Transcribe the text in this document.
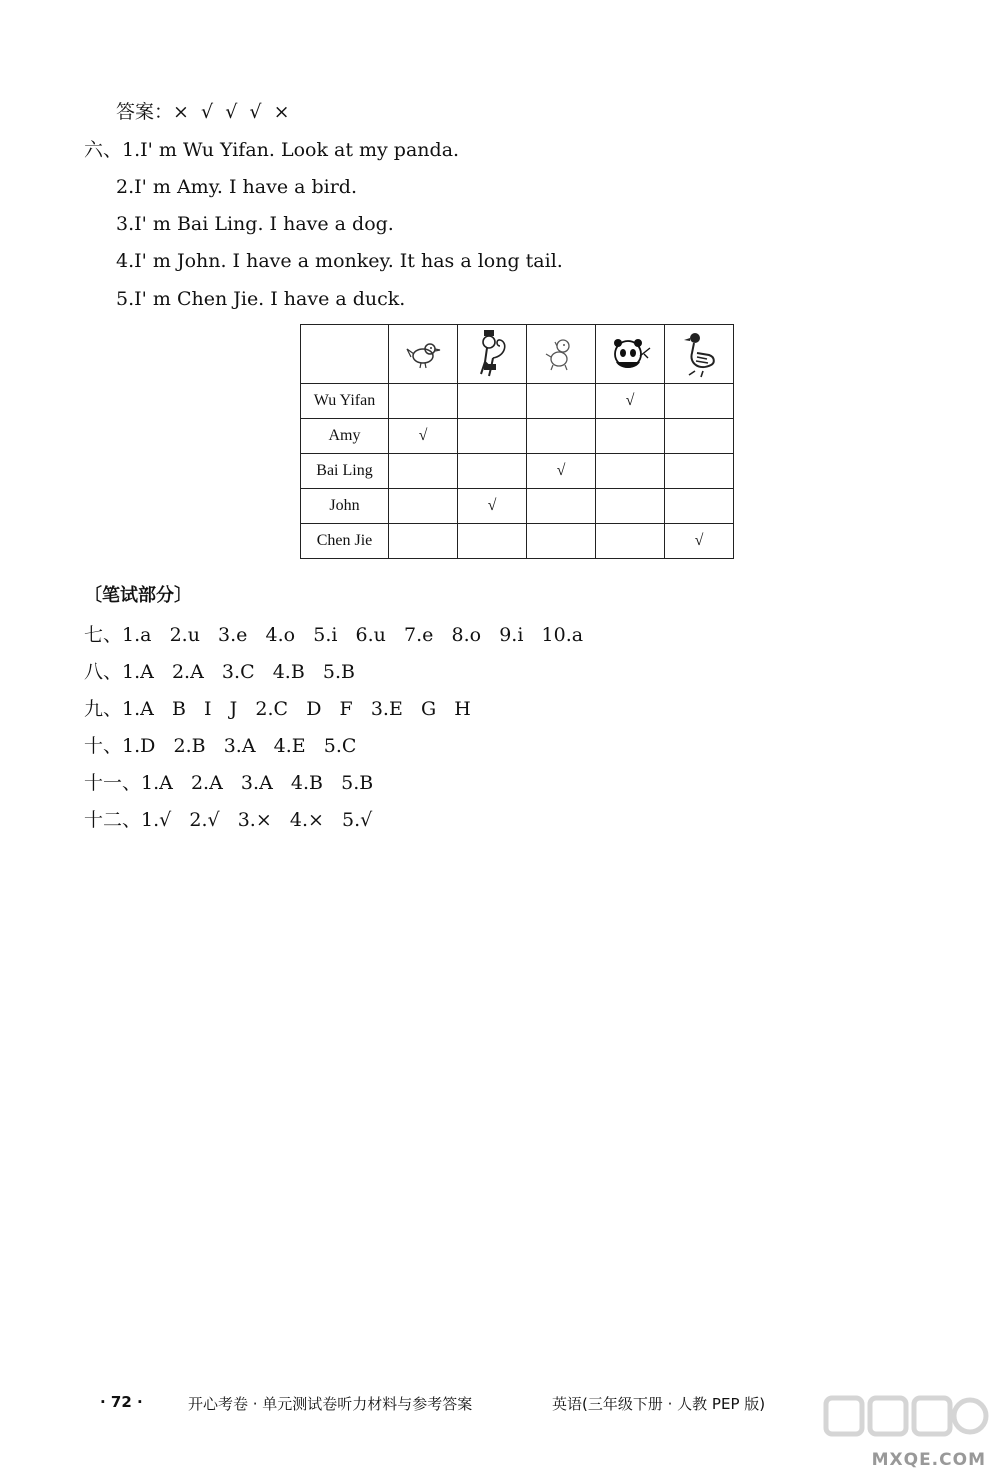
答案：×  √  √  √  ×
六、1.I' m Wu Yifan. Look at my panda.
2.I' m Amy. I have a bird.
3.I' m Bai Ling. I have a dog.
4.I' m John. I have a monkey. It has a long tail.
5.I' m Chen Jie. I have a duck.

Wu Yifan				√	
Amy	√				
Bai Ling			√		
John		√			
Chen Jie					√
〔笔试部分〕
七、1.a   2.u   3.e   4.o   5.i   6.u   7.e   8.o   9.i   10.a
八、1.A   2.A   3.C   4.B   5.B
九、1.A   B   I   J   2.C   D   F   3.E   G   H
十、1.D   2.B   3.A   4.E   5.C
十一、1.A   2.A   3.A   4.B   5.B
十二、1.√   2.√   3.×   4.×   5.√
· 72 ·	开心考卷 · 单元测试卷听力材料与参考答案	英语(三年级下册 · 人教 PEP 版)
MXQE.COM
